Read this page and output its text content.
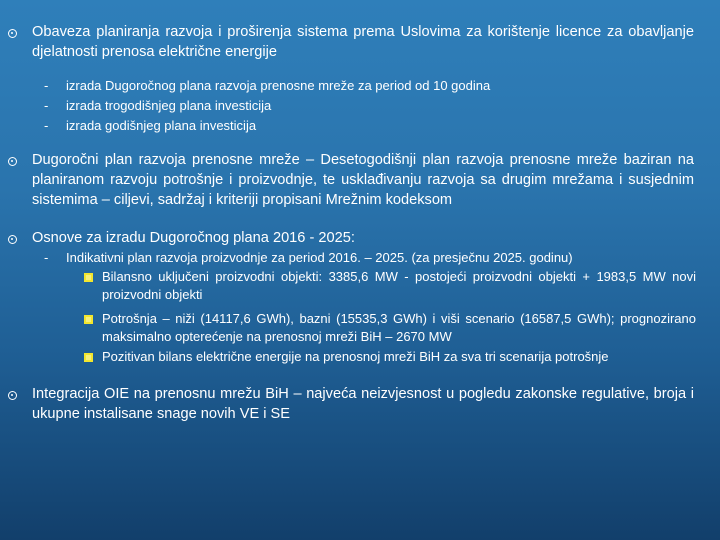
Obaveza planiranja razvoja i proširenja sistema prema Uslovima za korištenje licence za obavljanje djelatnosti prenosa električne energije
- izrada Dugoročnog plana razvoja prenosne mreže za period od 10 godina
- izrada trogodišnjeg plana investicija
- izrada godišnjeg plana investicija
Dugoročni plan razvoja prenosne mreže – Desetogodišnji plan razvoja prenosne mreže baziran na planiranom razvoju potrošnje i proizvodnje, te usklađivanju razvoja sa drugim mrežama i susjednim sistemima – ciljevi, sadržaj i kriteriji propisani Mrežnim kodeksom
Osnove za izradu Dugoročnog plana 2016 - 2025:
- Indikativni plan razvoja proizvodnje za period 2016. – 2025. (za presječnu 2025. godinu)
Bilansno uključeni proizvodni objekti: 3385,6 MW - postojeći proizvodni objekti + 1983,5 MW novi proizvodni objekti
Potrošnja – niži (14117,6 GWh), bazni (15535,3 GWh) i viši scenario (16587,5 GWh); prognozirano maksimalno opterećenje na prenosnoj mreži BiH – 2670 MW
Pozitivan bilans električne energije na prenosnoj mreži BiH za sva tri scenarija potrošnje
Integracija OIE na prenosnu mrežu BiH – najveća neizvjesnost u pogledu zakonske regulative, broja i ukupne instalisane snage novih VE i SE
